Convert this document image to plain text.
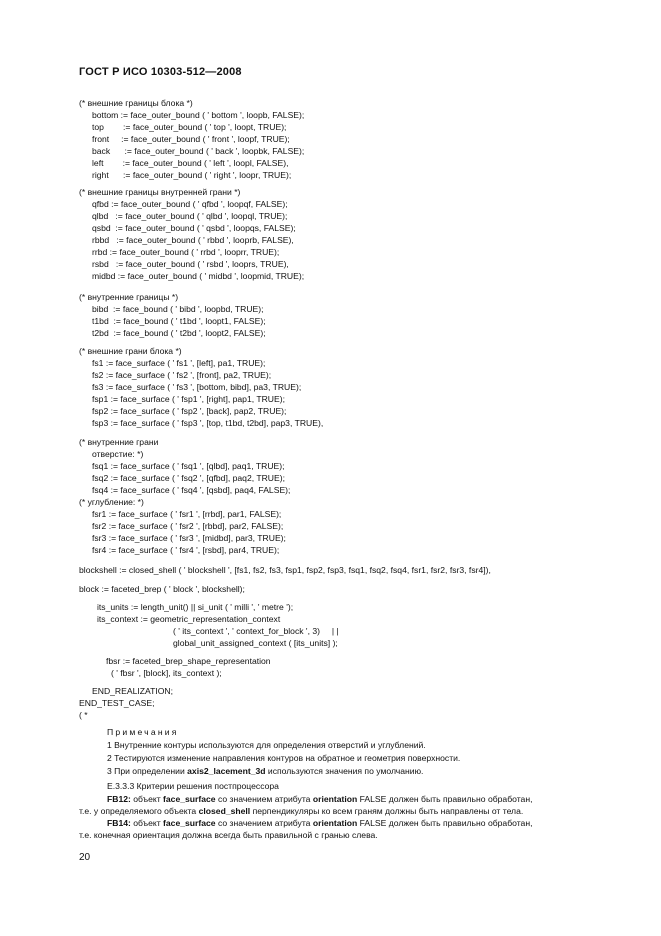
ГОСТ Р ИСО 10303-512—2008
(* внешние границы блока *)
bottom := face_outer_bound ( ' bottom ', loopb, FALSE);
top        := face_outer_bound ( ' top ', loopt, TRUE);
front     := face_outer_bound ( ' front ', loopf, TRUE);
back      := face_outer_bound ( ' back ', loopbk, FALSE);
left        := face_outer_bound ( ' left ', loopl, FALSE),
right      := face_outer_bound ( ' right ', loopr, TRUE);
(* внешние границы внутренней грани *)
qfbd := face_outer_bound ( ' qfbd ', loopqf, FALSE);
qlbd   := face_outer_bound ( ' qlbd ', loopql, TRUE);
qsbd  := face_outer_bound ( ' qsbd ', loopqs, FALSE);
rbbd   := face_outer_bound ( ' rbbd ', looprb, FALSE),
rrbd := face_outer_bound ( ' rrbd ', looprr, TRUE);
rsbd   := face_outer_bound ( ' rsbd ', looprs, TRUE),
midbd := face_outer_bound ( ' midbd ', loopmid, TRUE);
(* внутренние границы *)
bibd  := face_bound ( ' bibd ', loopbd, TRUE);
t1bd  := face_bound ( ' t1bd ', loopt1, FALSE);
t2bd  := face_bound ( ' t2bd ', loopt2, FALSE);
(* внешние грани блока *)
fs1 := face_surface ( ' fs1 ', [left], pa1, TRUE);
fs2 := face_surface ( ' fs2 ', [front], pa2, TRUE);
fs3 := face_surface ( ' fs3 ', [bottom, bibd], pa3, TRUE);
fsp1 := face_surface ( ' fsp1 ', [right], pap1, TRUE);
fsp2 := face_surface ( ' fsp2 ', [back], pap2, TRUE);
fsp3 := face_surface ( ' fsp3 ', [top, t1bd, t2bd], pap3, TRUE),
(* внутренние грани
отверстие: *)
fsq1 := face_surface ( ' fsq1 ', [qlbd], paq1, TRUE);
fsq2 := face_surface ( ' fsq2 ', [qfbd], paq2, TRUE);
fsq4 := face_surface ( ' fsq4 ', [qsbd], paq4, FALSE);
(* углубление: *)
fsr1 := face_surface ( ' fsr1 ', [rrbd], par1, FALSE);
fsr2 := face_surface ( ' fsr2 ', [rbbd], par2, FALSE);
fsr3 := face_surface ( ' fsr3 ', [midbd], par3, TRUE);
fsr4 := face_surface ( ' fsr4 ', [rsbd], par4, TRUE);
blockshell := closed_shell ( ' blockshell ', [fs1, fs2, fs3, fsp1, fsp2, fsp3, fsq1, fsq2, fsq4, fsr1, fsr2, fsr3, fsr4]),
block := faceted_brep ( ' block ', blockshell);
its_units := length_unit() || si_unit ( ' milli ', ' metre ');
its_context := geometric_representation_context
( ' its_context ', ' context_for_block ', 3)     | |
global_unit_assigned_context ( [its_units] );
fbsr := faceted_brep_shape_representation
( ' fbsr ', [block], its_context );
END_REALIZATION;
END_TEST_CASE;
( *
Примечания
1 Внутренние контуры используются для определения отверстий и углублений.
2 Тестируются изменение направления контуров на обратное и геометрия поверхности.
3 При определении axis2_lacement_3d используются значения по умолчанию.
Е.3.3.3 Критерии решения постпроцессора
FB12: объект face_surface со значением атрибута orientation FALSE должен быть правильно обработан,
т.е. у определяемого объекта closed_shell перпендикуляры ко всем граням должны быть направлены от тела.
FB14: объект face_surface со значением атрибута orientation FALSE должен быть правильно обработан,
т.е. конечная ориентация должна всегда быть правильной с гранью слева.
20
